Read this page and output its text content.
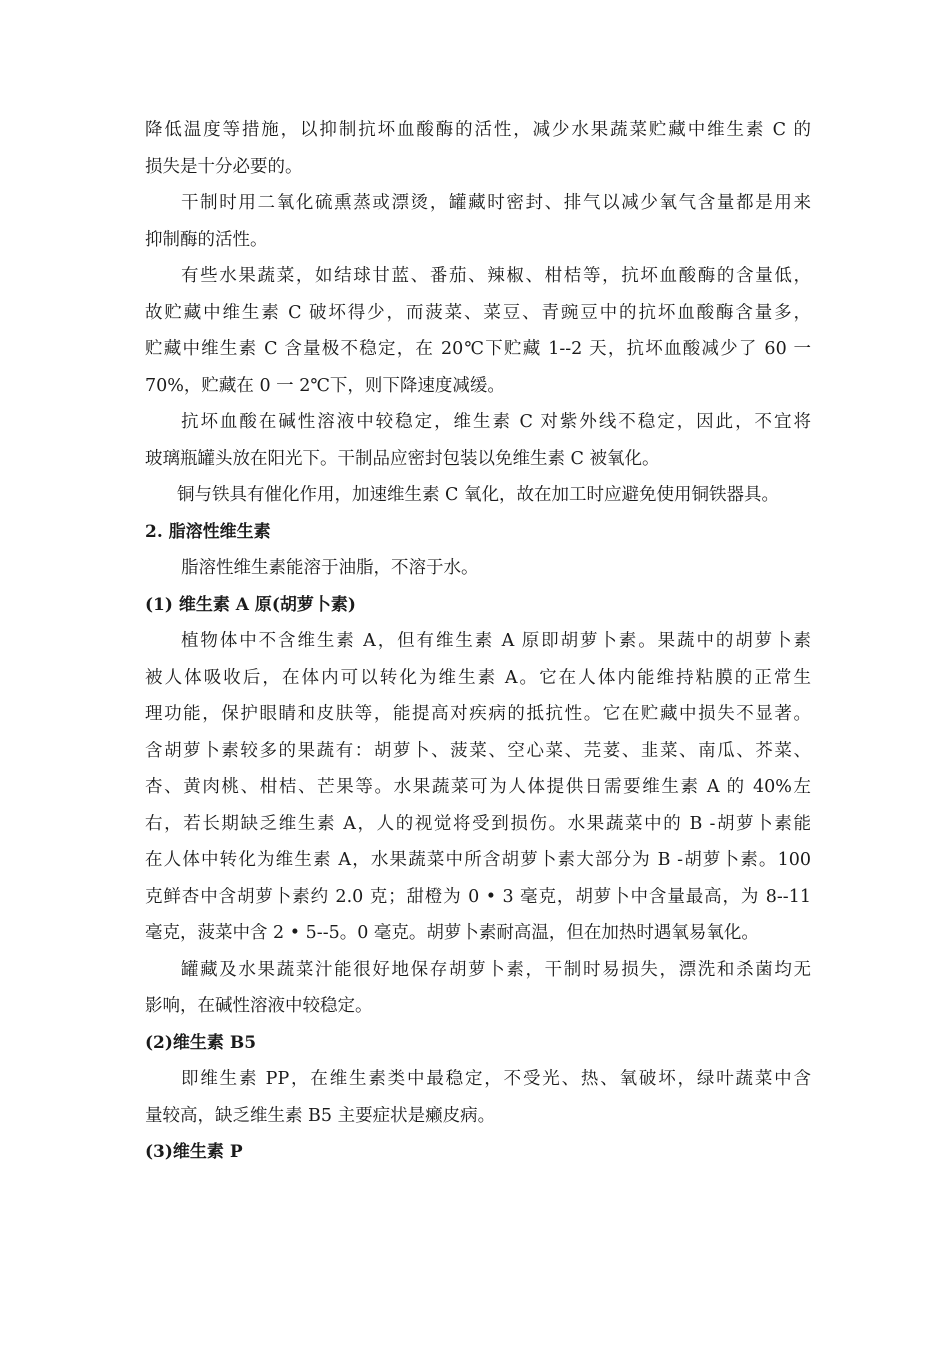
降低温度等措施，以抑制抗坏血酸酶的活性，减少水果蔬菜贮藏中维生素 C 的
损失是十分必要的。
干制时用二氧化硫熏蒸或漂烫，罐藏时密封、排气以减少氧气含量都是用来
抑制酶的活性。
有些水果蔬菜，如结球甘蓝、番茄、辣椒、柑桔等，抗坏血酸酶的含量低，
故贮藏中维生素 C 破坏得少，而菠菜、菜豆、青豌豆中的抗坏血酸酶含量多，
贮藏中维生素 C 含量极不稳定，在 20℃下贮藏 1--2 天，抗坏血酸减少了 60 一
70%，贮藏在 0 一 2℃下，则下降速度减缓。
抗坏血酸在碱性溶液中较稳定，维生素 C 对紫外线不稳定，因此，不宜将
玻璃瓶罐头放在阳光下。干制品应密封包装以免维生素 C 被氧化。
铜与铁具有催化作用，加速维生素 C 氧化，故在加工时应避免使用铜铁器具。
2. 脂溶性维生素
脂溶性维生素能溶于油脂，不溶于水。
(1) 维生素 A 原(胡萝卜素)
植物体中不含维生素 A，但有维生素 A 原即胡萝卜素。果蔬中的胡萝卜素
被人体吸收后，在体内可以转化为维生素 A。它在人体内能维持粘膜的正常生
理功能，保护眼睛和皮肤等，能提高对疾病的抵抗性。它在贮藏中损失不显著。
含胡萝卜素较多的果蔬有：胡萝卜、菠菜、空心菜、芫荽、韭菜、南瓜、芥菜、
杏、黄肉桃、柑桔、芒果等。水果蔬菜可为人体提供日需要维生素 A 的 40%左
右，若长期缺乏维生素 A，人的视觉将受到损伤。水果蔬菜中的 B -胡萝卜素能
在人体中转化为维生素 A，水果蔬菜中所含胡萝卜素大部分为 B -胡萝卜素。100
克鲜杏中含胡萝卜素约 2.0 克；甜橙为 0 • 3 毫克，胡萝卜中含量最高，为 8--11
毫克，菠菜中含 2 • 5--5。0 毫克。胡萝卜素耐高温，但在加热时遇氧易氧化。
罐藏及水果蔬菜汁能很好地保存胡萝卜素，干制时易损失，漂洗和杀菌均无
影响，在碱性溶液中较稳定。
(2)维生素 B5
即维生素 PP，在维生素类中最稳定，不受光、热、氧破坏，绿叶蔬菜中含
量较高，缺乏维生素 B5 主要症状是癞皮病。
(3)维生素 P
